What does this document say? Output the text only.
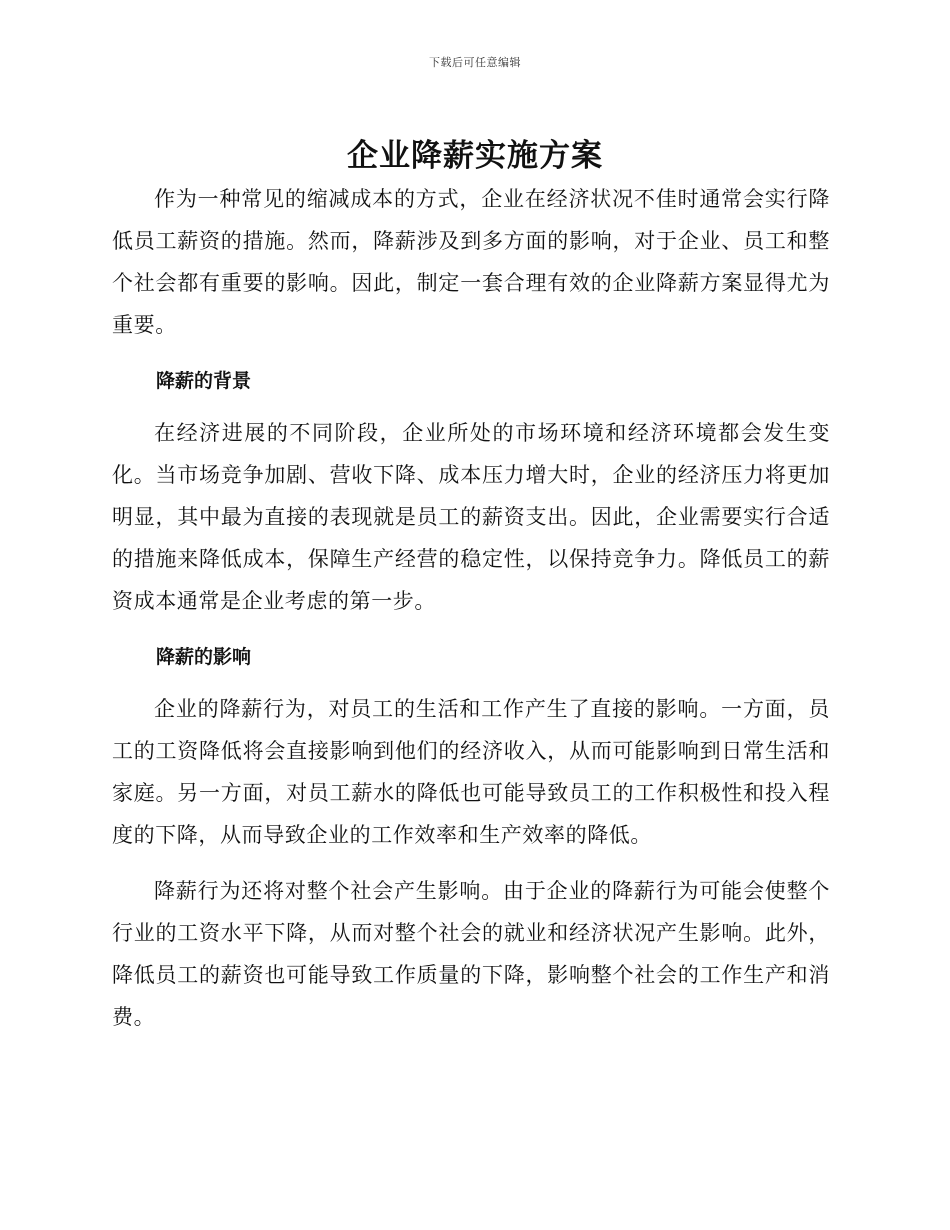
下载后可任意编辑
企业降薪实施方案

作为一种常见的缩减成本的方式，企业在经济状况不佳时通常会实行降低员工薪资的措施。然而，降薪涉及到多方面的影响，对于企业、员工和整个社会都有重要的影响。因此，制定一套合理有效的企业降薪方案显得尤为重要。

降薪的背景

在经济进展的不同阶段，企业所处的市场环境和经济环境都会发生变化。当市场竞争加剧、营收下降、成本压力增大时，企业的经济压力将更加明显，其中最为直接的表现就是员工的薪资支出。因此，企业需要实行合适的措施来降低成本，保障生产经营的稳定性，以保持竞争力。降低员工的薪资成本通常是企业考虑的第一步。

降薪的影响

企业的降薪行为，对员工的生活和工作产生了直接的影响。一方面，员工的工资降低将会直接影响到他们的经济收入，从而可能影响到日常生活和家庭。另一方面，对员工薪水的降低也可能导致员工的工作积极性和投入程度的下降，从而导致企业的工作效率和生产效率的降低。

降薪行为还将对整个社会产生影响。由于企业的降薪行为可能会使整个行业的工资水平下降，从而对整个社会的就业和经济状况产生影响。此外，降低员工的薪资也可能导致工作质量的下降，影响整个社会的工作生产和消费。
